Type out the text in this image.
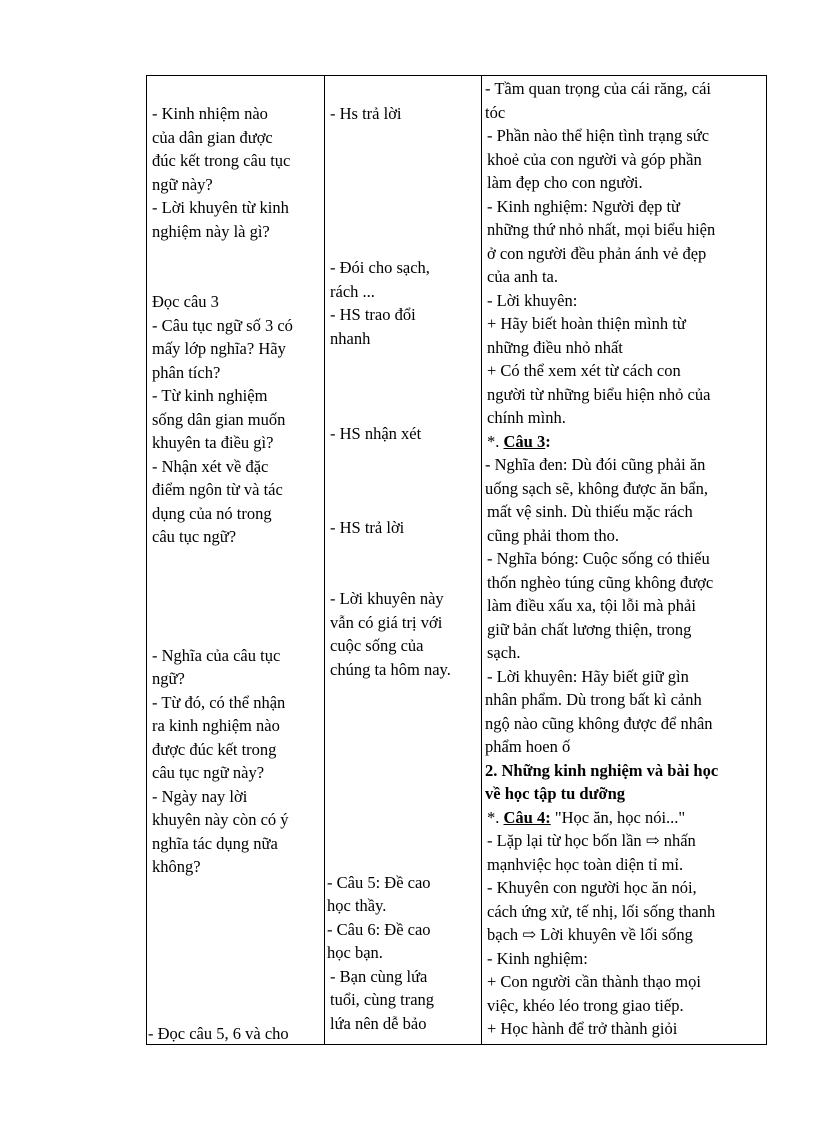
- Kinh nhiệm nào
của dân gian được
đúc kết trong câu tục
ngữ này?
- Lời khuyên từ kinh
nghiệm này là gì?
Đọc câu 3
- Câu tục ngữ số 3 có
mấy lớp nghĩa? Hãy
phân tích?
- Từ kinh nghiệm
sống dân gian muốn
khuyên ta điều gì?
- Nhận xét về đặc
điểm ngôn từ và tác
dụng của nó trong
câu tục ngữ?
- Nghĩa của câu tục
ngữ?
- Từ đó, có thể nhận
ra kinh nghiệm nào
được đúc kết trong
câu tục ngữ này?
- Ngày nay lời
khuyên này còn có ý
nghĩa tác dụng nữa
không?
- Đọc câu 5, 6 và cho
- Hs trả lời
- Đói cho sạch,
rách ...
- HS trao đổi
nhanh
- HS nhận xét
- HS trả lời
- Lời khuyên này
vẫn có giá trị với
cuộc sống của
chúng ta hôm nay.
- Câu 5: Đề cao
học thầy.
- Câu 6: Đề cao
học bạn.
- Bạn cùng lứa
tuổi, cùng trang
lứa nên dễ bảo
- Tầm quan trọng của cái răng, cái
tóc
- Phần nào thể hiện tình trạng sức
khoẻ của con người và góp phần
làm đẹp cho con người.
- Kinh nghiệm: Người đẹp từ
những thứ nhỏ nhất, mọi biểu hiện
ở con người đều phản ánh vẻ đẹp
của anh ta.
- Lời khuyên:
+ Hãy biết hoàn thiện mình từ
những điều nhỏ nhất
+ Có thể xem xét từ cách con
người từ những biểu hiện nhỏ của
chính mình.
*. Câu 3:
- Nghĩa đen: Dù đói cũng phải ăn
uống sạch sẽ, không được ăn bẩn,
mất vệ sinh. Dù thiếu mặc rách
cũng phải thom tho.
- Nghĩa bóng: Cuộc sống có thiếu
thốn nghèo túng cũng không được
làm điều xấu xa, tội lỗi mà phải
giữ bản chất lương thiện, trong
sạch.
- Lời khuyên: Hãy biết giữ gìn
nhân phẩm. Dù trong bất kì cảnh
ngộ nào cũng không được để nhân
phẩm hoen ố
2. Những kinh nghiệm và bài học
về học tập tu dưỡng
*. Câu 4: "Học ăn, học nói..."
- Lặp lại từ học bốn lần ⇨ nhấn
mạnhviệc học toàn diện tỉ mỉ.
- Khuyên con người học ăn nói,
cách ứng xử, tế nhị, lối sống thanh
bạch ⇨ Lời khuyên về lối sống
- Kinh nghiệm:
+ Con người cần thành thạo mọi
việc, khéo léo trong giao tiếp.
+ Học hành để trở thành giỏi
